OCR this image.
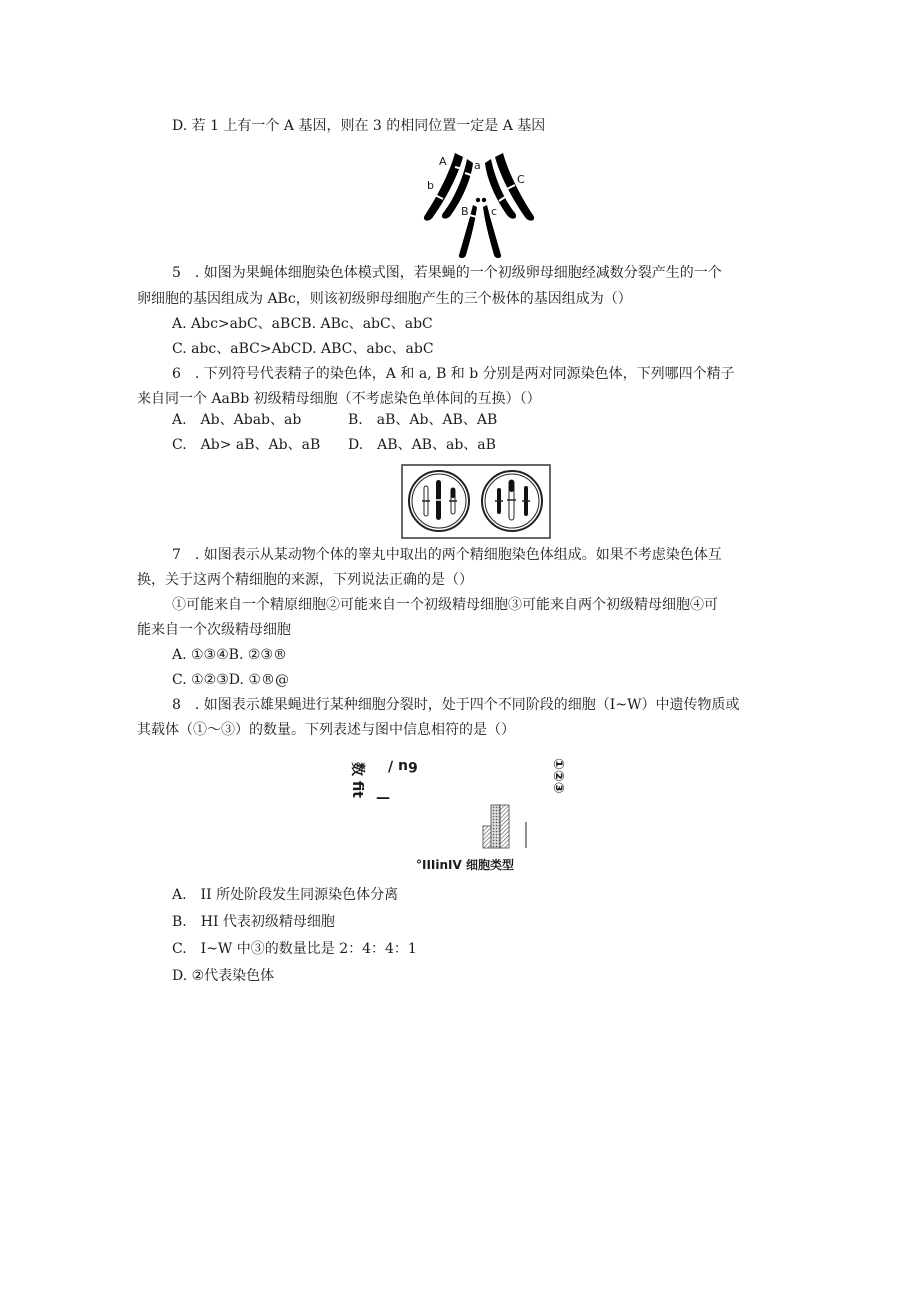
D. 若 1 上有一个 A 基因，则在 3 的相同位置一定是 A 基因
A a
b
B c
C
5　. 如图为果蝇体细胞染色体模式图，若果蝇的一个初级卵母细胞经减数分裂产生的一个
卵细胞的基因组成为 ABc，则该初级卵母细胞产生的三个极体的基因组成为（）
A. Abc>abC、aBCB. ABc、abC、abC
C. abc、aBC>AbCD. ABC、abc、abC
6　. 下列符号代表精子的染色体，A 和 a, B 和 b 分别是两对同源染色体，下列哪四个精子
来自同一个 AaBb 初级精母细胞（不考虑染色单体间的互换）（）
A.　Ab、Abab、ab	B.　aB、Ab、AB、AB
C.　Ab> aB、Ab、aB D.　AB、AB、ab、aB
7　. 如图表示从某动物个体的睾丸中取出的两个精细胞染色体组成。如果不考虑染色体互
换，关于这两个精细胞的来源，下列说法正确的是（）
①可能来自一个精原细胞②可能来自一个初级精母细胞③可能来自两个初级精母细胞④可
能来自一个次级精母细胞
A. ①③④B. ②③®
C. ①②③D. ①®@
8　. 如图表示雄果蝇进行某种细胞分裂时，处于四个不同阶段的细胞（I~W）中遗传物质或
其载体（①～③）的数量。下列表述与图中信息相符的是（）
数 fit 6u /
—
①②③
°IIIinIV 细胞类型
A.　II 所处阶段发生同源染色体分离
B.　HI 代表初级精母细胞
C.　I~W 中③的数量比是 2：4：4：1
D. ②代表染色体
